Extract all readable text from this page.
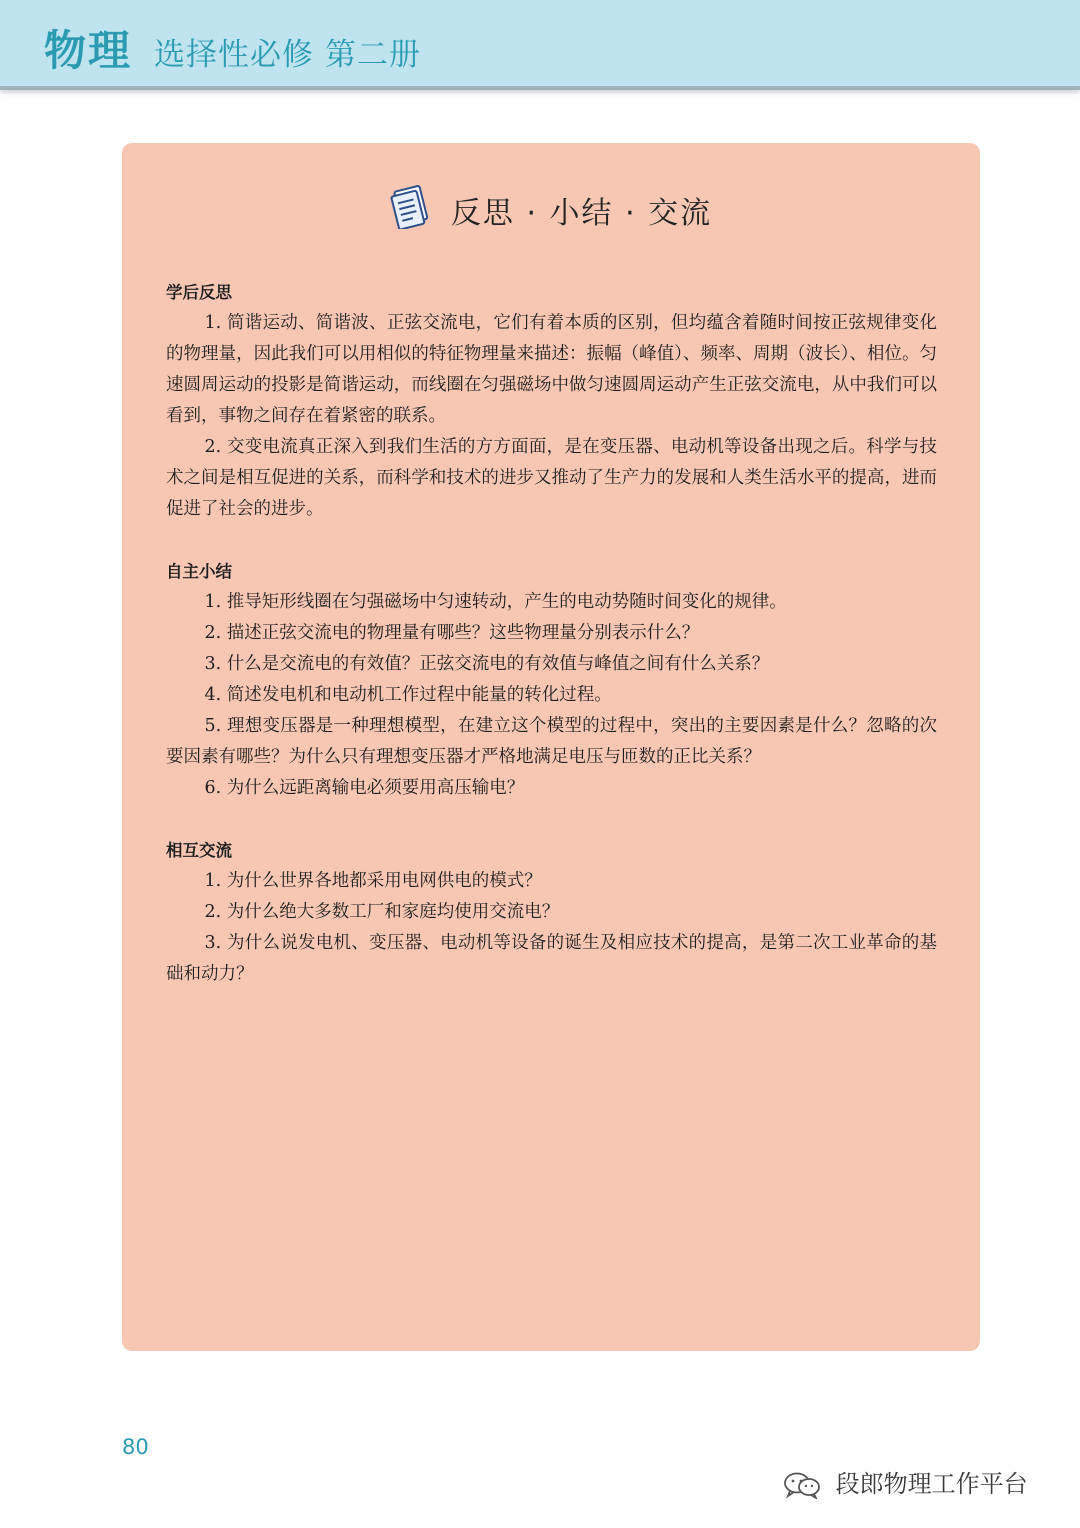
物理 选择性必修 第二册
反思 · 小结 · 交流

学后反思

1. 简谐运动、简谐波、正弦交流电，它们有着本质的区别，但均蕴含着随时间按正弦规律变化的物理量，因此我们可以用相似的特征物理量来描述：振幅（峰值）、频率、周期（波长）、相位。匀速圆周运动的投影是简谐运动，而线圈在匀强磁场中做匀速圆周运动产生正弦交流电，从中我们可以看到，事物之间存在着紧密的联系。

2. 交变电流真正深入到我们生活的方方面面，是在变压器、电动机等设备出现之后。科学与技术之间是相互促进的关系，而科学和技术的进步又推动了生产力的发展和人类生活水平的提高，进而促进了社会的进步。

自主小结

1. 推导矩形线圈在匀强磁场中匀速转动，产生的电动势随时间变化的规律。

2. 描述正弦交流电的物理量有哪些？这些物理量分别表示什么？

3. 什么是交流电的有效值？正弦交流电的有效值与峰值之间有什么关系？

4. 简述发电机和电动机工作过程中能量的转化过程。

5. 理想变压器是一种理想模型，在建立这个模型的过程中，突出的主要因素是什么？忽略的次要因素有哪些？为什么只有理想变压器才严格地满足电压与匝数的正比关系？

6. 为什么远距离输电必须要用高压输电？

相互交流

1. 为什么世界各地都采用电网供电的模式？

2. 为什么绝大多数工厂和家庭均使用交流电？

3. 为什么说发电机、变压器、电动机等设备的诞生及相应技术的提高，是第二次工业革命的基础和动力？

80
段郎物理工作平台
